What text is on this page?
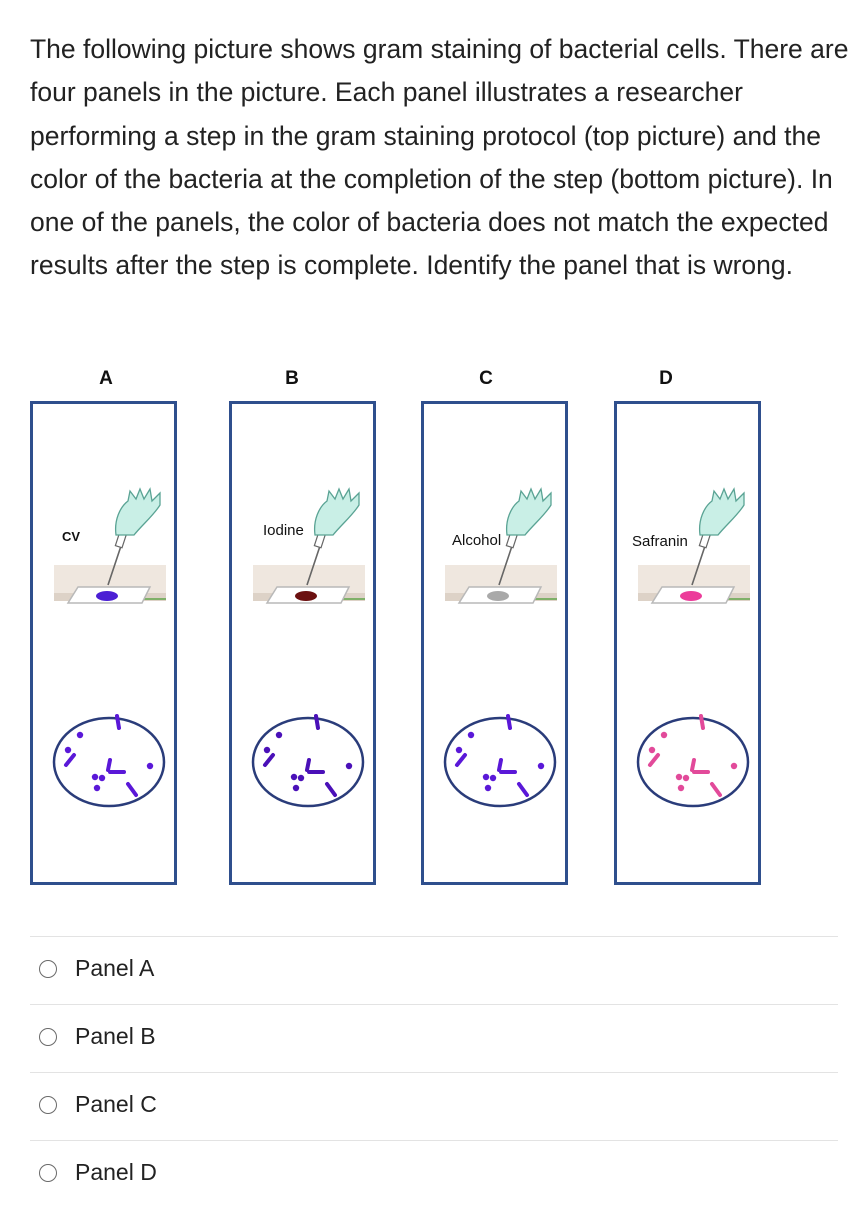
The following picture shows gram staining of bacterial cells. There are four panels in the picture. Each panel illustrates a researcher performing a step in the gram staining protocol (top picture) and the color of the bacteria at the completion of the step (bottom picture). In one of the panels, the color of bacteria does not match the expected results after the step is complete. Identify the panel that is wrong.

A
CV
B
Iodine
C
Alcohol
D
Safranin
Panel A
Panel B
Panel C
Panel D
